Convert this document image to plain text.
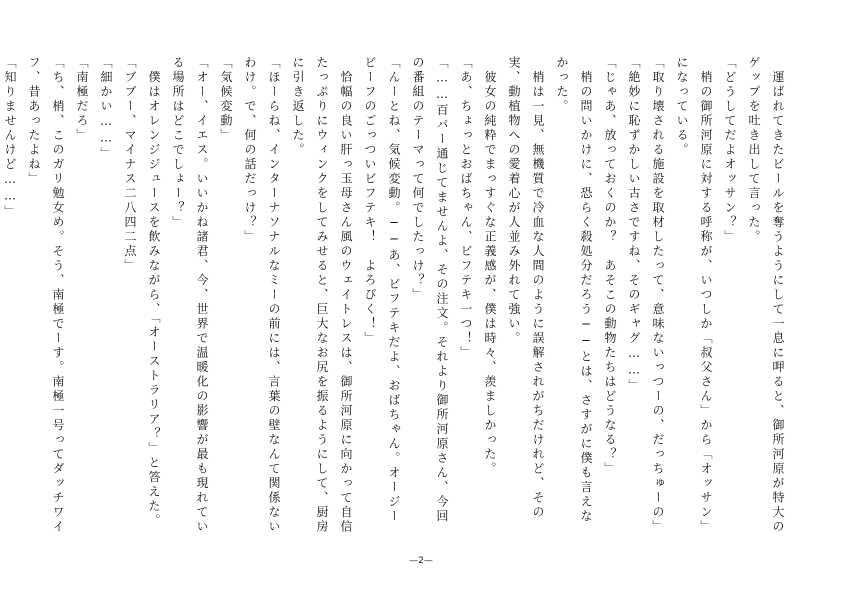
　運ばれてきたビールを奪うようにして一息に呷ると、御所河原が特大のゲップを吐き出して言った。

「どうしてだよオッサン？」

　梢の御所河原に対する呼称が、いつしか「叔父さん」から「オッサン」になっている。

「取り壊される施設を取材したって、意味ないっつーの、だっちゅーの」

「絶妙に恥ずかしい古さですね、そのギャグ……」

「じゃあ、放っておくのか？　あそこの動物たちはどうなる？」

　梢の問いかけに、恐らく殺処分だろう──とは、さすがに僕も言えなかった。

　梢は一見、無機質で冷血な人間のように誤解されがちだけれど、その実、動植物への愛着心が人並み外れて強い。

　彼女の純粋でまっすぐな正義感が、僕は時々、羨ましかった。

「あ、ちょっとおばちゃん、ビフテキ一つ！」

「……百パー通じてませんよ、その注文。それより御所河原さん、今回の番組のテーマって何でしたっけ？」

「んーとね、気候変動。──あ、ビフテキだよ、おばちゃん。オージービーフのごっついビフテキ！　よろぴく！」

　恰幅の良い肝っ玉母さん風のウェイトレスは、御所河原に向かって自信たっぷりにウィンクをしてみせると、巨大なお尻を振るようにして、厨房に引き返した。

「ほーらね、インターナソナルなミーの前には、言葉の壁なんて関係ないわけ。で、何の話だっけ？」

「気候変動」

「オー、イエス。いいかね諸君、今、世界で温暖化の影響が最も現れている場所はどこでしょー？」

　僕はオレンジジュースを飲みながら、「オーストラリア？」と答えた。

「ブブー、マイナス二八四二点」

「細かい……」

「南極だろ」

「ち、梢、このガリ勉女め。そう、南極でーす。南極一号ってダッチワイフ、昔あったよね」

「知りませんけど……」

—2—
